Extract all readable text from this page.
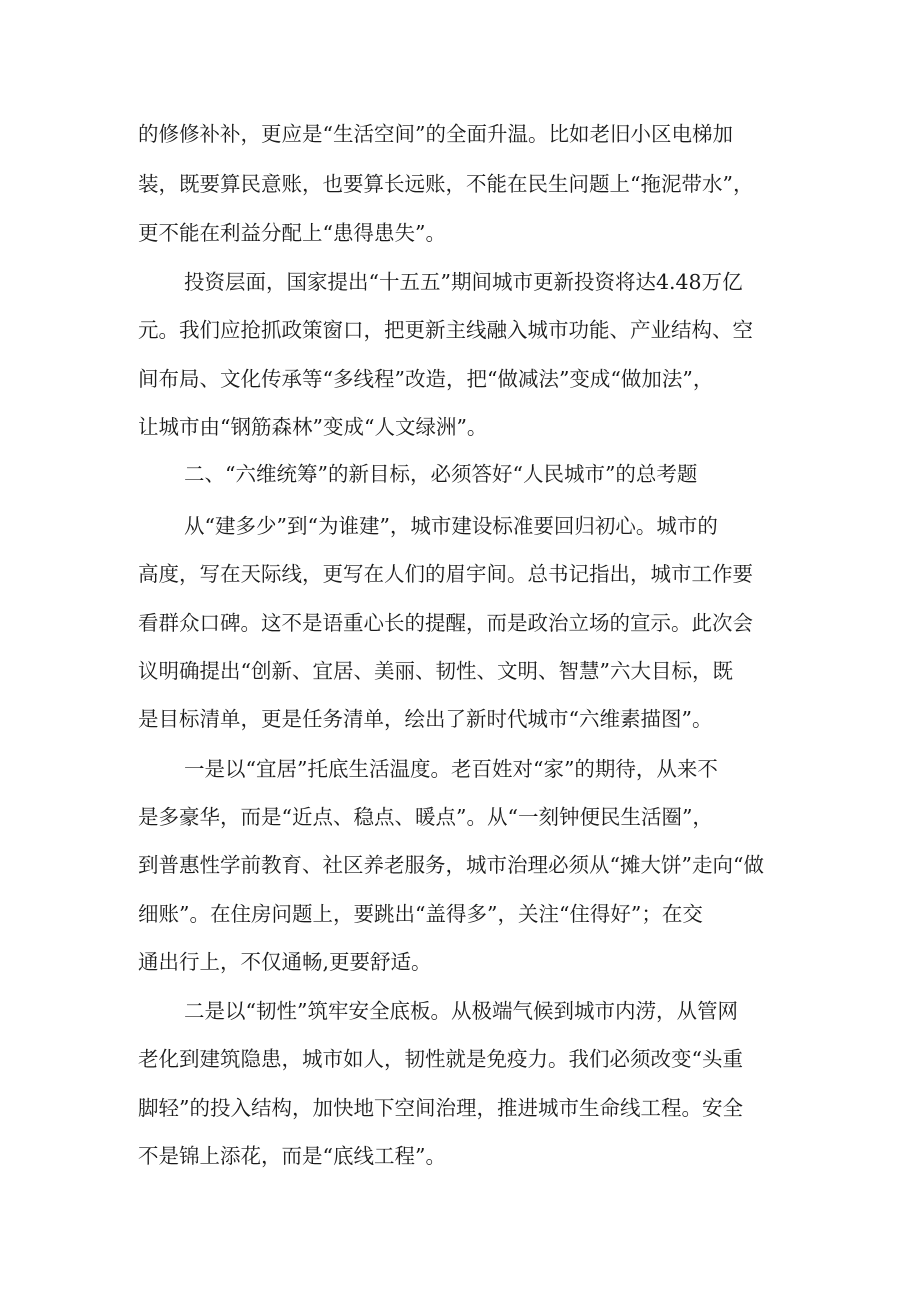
的修修补补，更应是“生活空间”的全面升温。比如老旧小区电梯加

装，既要算民意账，也要算长远账，不能在民生问题上“拖泥带水”，

更不能在利益分配上“患得患失”。

投资层面，国家提出“十五五”期间城市更新投资将达4.48万亿

元。我们应抢抓政策窗口，把更新主线融入城市功能、产业结构、空

间布局、文化传承等“多线程”改造，把“做减法”变成“做加法”，

让城市由“钢筋森林”变成“人文绿洲”。

二、“六维统筹”的新目标，必须答好“人民城市”的总考题

从“建多少”到“为谁建”，城市建设标准要回归初心。城市的

高度，写在天际线，更写在人们的眉宇间。总书记指出，城市工作要

看群众口碑。这不是语重心长的提醒，而是政治立场的宣示。此次会

议明确提出“创新、宜居、美丽、韧性、文明、智慧”六大目标，既

是目标清单，更是任务清单，绘出了新时代城市“六维素描图”。

一是以“宜居”托底生活温度。老百姓对“家”的期待，从来不

是多豪华，而是“近点、稳点、暖点”。从“一刻钟便民生活圈”，

到普惠性学前教育、社区养老服务，城市治理必须从“摊大饼”走向“做

细账”。在住房问题上，要跳出“盖得多”，关注“住得好”；在交

通出行上，不仅通畅,更要舒适。

二是以“韧性”筑牢安全底板。从极端气候到城市内涝，从管网

老化到建筑隐患，城市如人，韧性就是免疫力。我们必须改变“头重

脚轻”的投入结构，加快地下空间治理，推进城市生命线工程。安全

不是锦上添花，而是“底线工程”。
